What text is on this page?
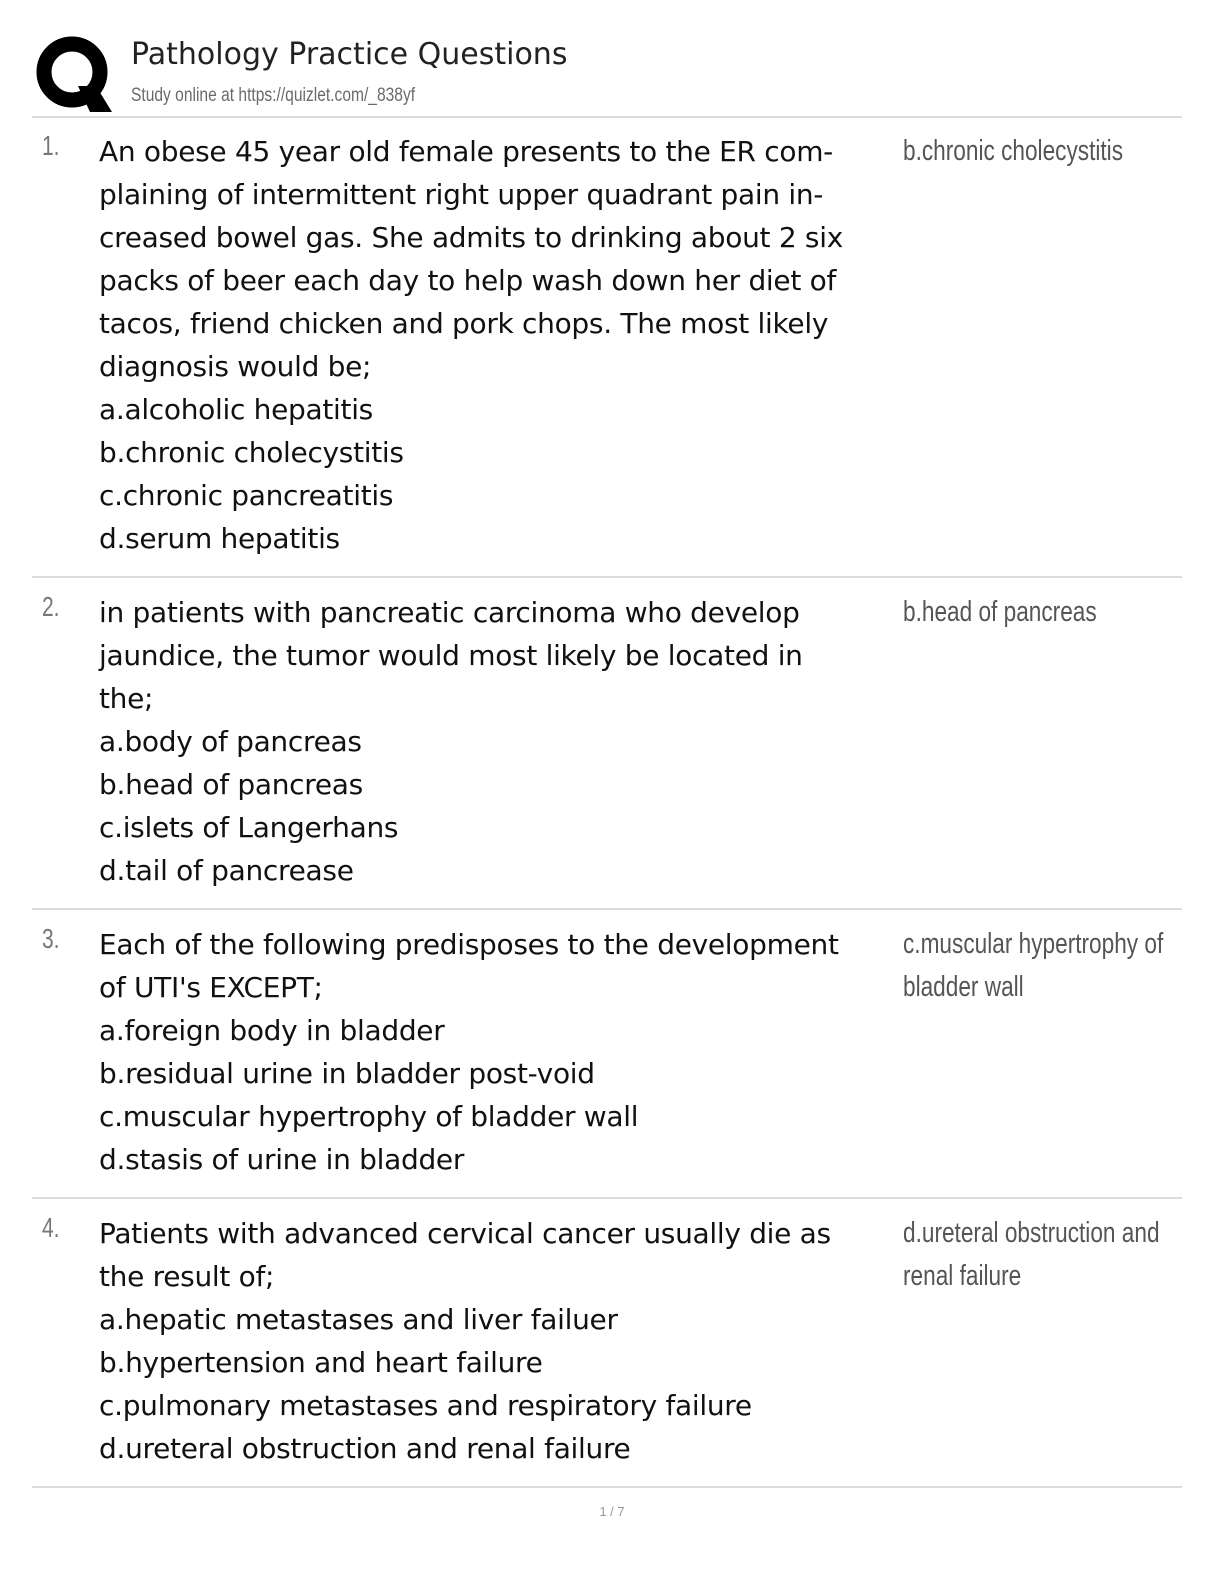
Pathology Practice Questions
Study online at https://quizlet.com/_838yf
1. An obese 45 year old female presents to the ER com-
plaining of intermittent right upper quadrant pain in-
creased bowel gas. She admits to drinking about 2 six
packs of beer each day to help wash down her diet of
tacos, friend chicken and pork chops. The most likely
diagnosis would be;
a.alcoholic hepatitis
b.chronic cholecystitis
c.chronic pancreatitis
d.serum hepatitis
b.chronic cholecystitis
2. in patients with pancreatic carcinoma who develop
jaundice, the tumor would most likely be located in
the;
a.body of pancreas
b.head of pancreas
c.islets of Langerhans
d.tail of pancrease
b.head of pancreas
3. Each of the following predisposes to the development
of UTI's EXCEPT;
a.foreign body in bladder
b.residual urine in bladder post-void
c.muscular hypertrophy of bladder wall
d.stasis of urine in bladder
c.muscular hypertrophy of
bladder wall
4. Patients with advanced cervical cancer usually die as
the result of;
a.hepatic metastases and liver failuer
b.hypertension and heart failure
c.pulmonary metastases and respiratory failure
d.ureteral obstruction and renal failure
d.ureteral obstruction and
renal failure
1 / 7
